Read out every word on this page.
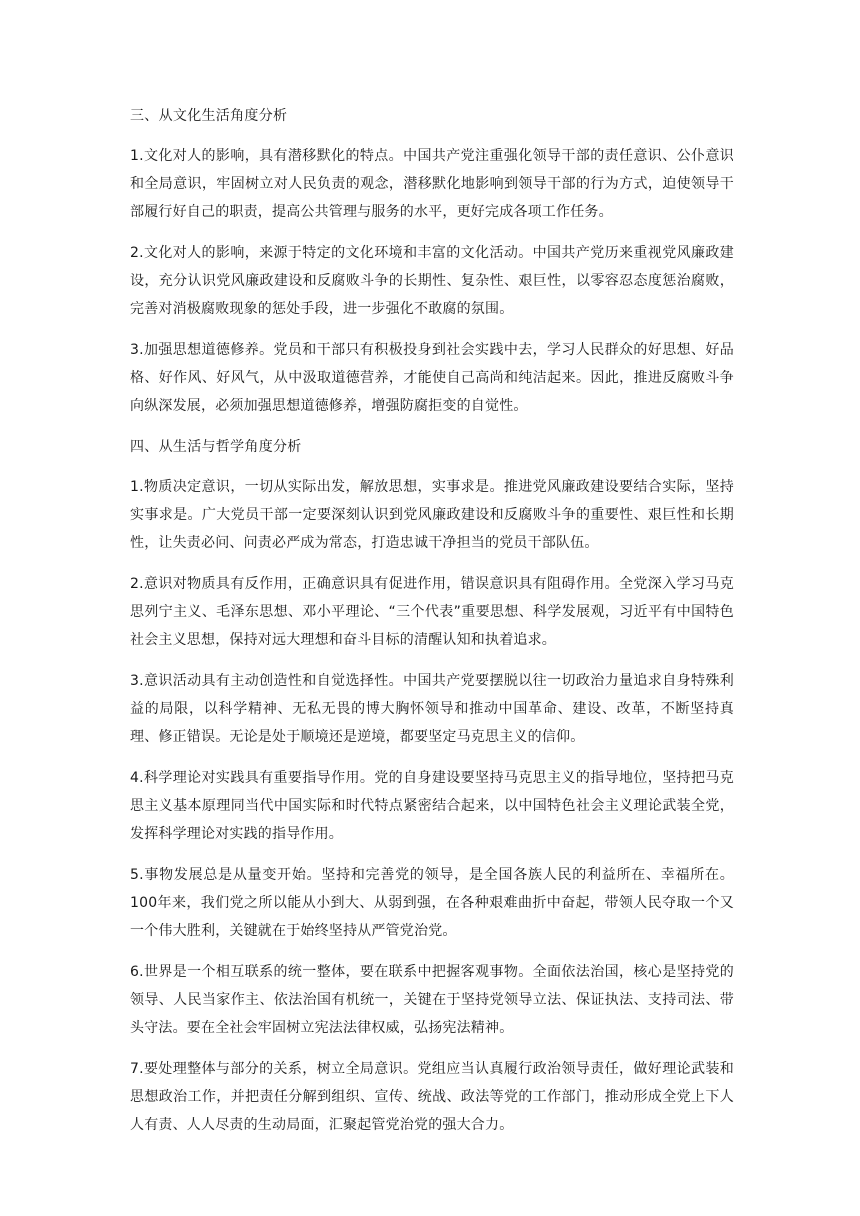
三、从文化生活角度分析

1.文化对人的影响，具有潜移默化的特点。中国共产党注重强化领导干部的责任意识、公仆意识和全局意识，牢固树立对人民负责的观念，潜移默化地影响到领导干部的行为方式，迫使领导干部履行好自己的职责，提高公共管理与服务的水平，更好完成各项工作任务。

2.文化对人的影响，来源于特定的文化环境和丰富的文化活动。中国共产党历来重视党风廉政建设，充分认识党风廉政建设和反腐败斗争的长期性、复杂性、艰巨性，以零容忍态度惩治腐败，完善对消极腐败现象的惩处手段，进一步强化不敢腐的氛围。

3.加强思想道德修养。党员和干部只有积极投身到社会实践中去，学习人民群众的好思想、好品格、好作风、好风气，从中汲取道德营养，才能使自己高尚和纯洁起来。因此，推进反腐败斗争向纵深发展，必须加强思想道德修养，增强防腐拒变的自觉性。

四、从生活与哲学角度分析

1.物质决定意识，一切从实际出发，解放思想，实事求是。推进党风廉政建设要结合实际，坚持实事求是。广大党员干部一定要深刻认识到党风廉政建设和反腐败斗争的重要性、艰巨性和长期性，让失责必问、问责必严成为常态，打造忠诚干净担当的党员干部队伍。

2.意识对物质具有反作用，正确意识具有促进作用，错误意识具有阻碍作用。全党深入学习马克思列宁主义、毛泽东思想、邓小平理论、“三个代表”重要思想、科学发展观，习近平有中国特色社会主义思想，保持对远大理想和奋斗目标的清醒认知和执着追求。

3.意识活动具有主动创造性和自觉选择性。中国共产党要摆脱以往一切政治力量追求自身特殊利益的局限，以科学精神、无私无畏的博大胸怀领导和推动中国革命、建设、改革，不断坚持真理、修正错误。无论是处于顺境还是逆境，都要坚定马克思主义的信仰。

4.科学理论对实践具有重要指导作用。党的自身建设要坚持马克思主义的指导地位，坚持把马克思主义基本原理同当代中国实际和时代特点紧密结合起来，以中国特色社会主义理论武装全党，发挥科学理论对实践的指导作用。

5.事物发展总是从量变开始。坚持和完善党的领导，是全国各族人民的利益所在、幸福所在。100年来，我们党之所以能从小到大、从弱到强，在各种艰难曲折中奋起，带领人民夺取一个又一个伟大胜利，关键就在于始终坚持从严管党治党。

6.世界是一个相互联系的统一整体，要在联系中把握客观事物。全面依法治国，核心是坚持党的领导、人民当家作主、依法治国有机统一，关键在于坚持党领导立法、保证执法、支持司法、带头守法。要在全社会牢固树立宪法法律权威，弘扬宪法精神。

7.要处理整体与部分的关系，树立全局意识。党组应当认真履行政治领导责任，做好理论武装和思想政治工作，并把责任分解到组织、宣传、统战、政法等党的工作部门，推动形成全党上下人人有责、人人尽责的生动局面，汇聚起管党治党的强大合力。
